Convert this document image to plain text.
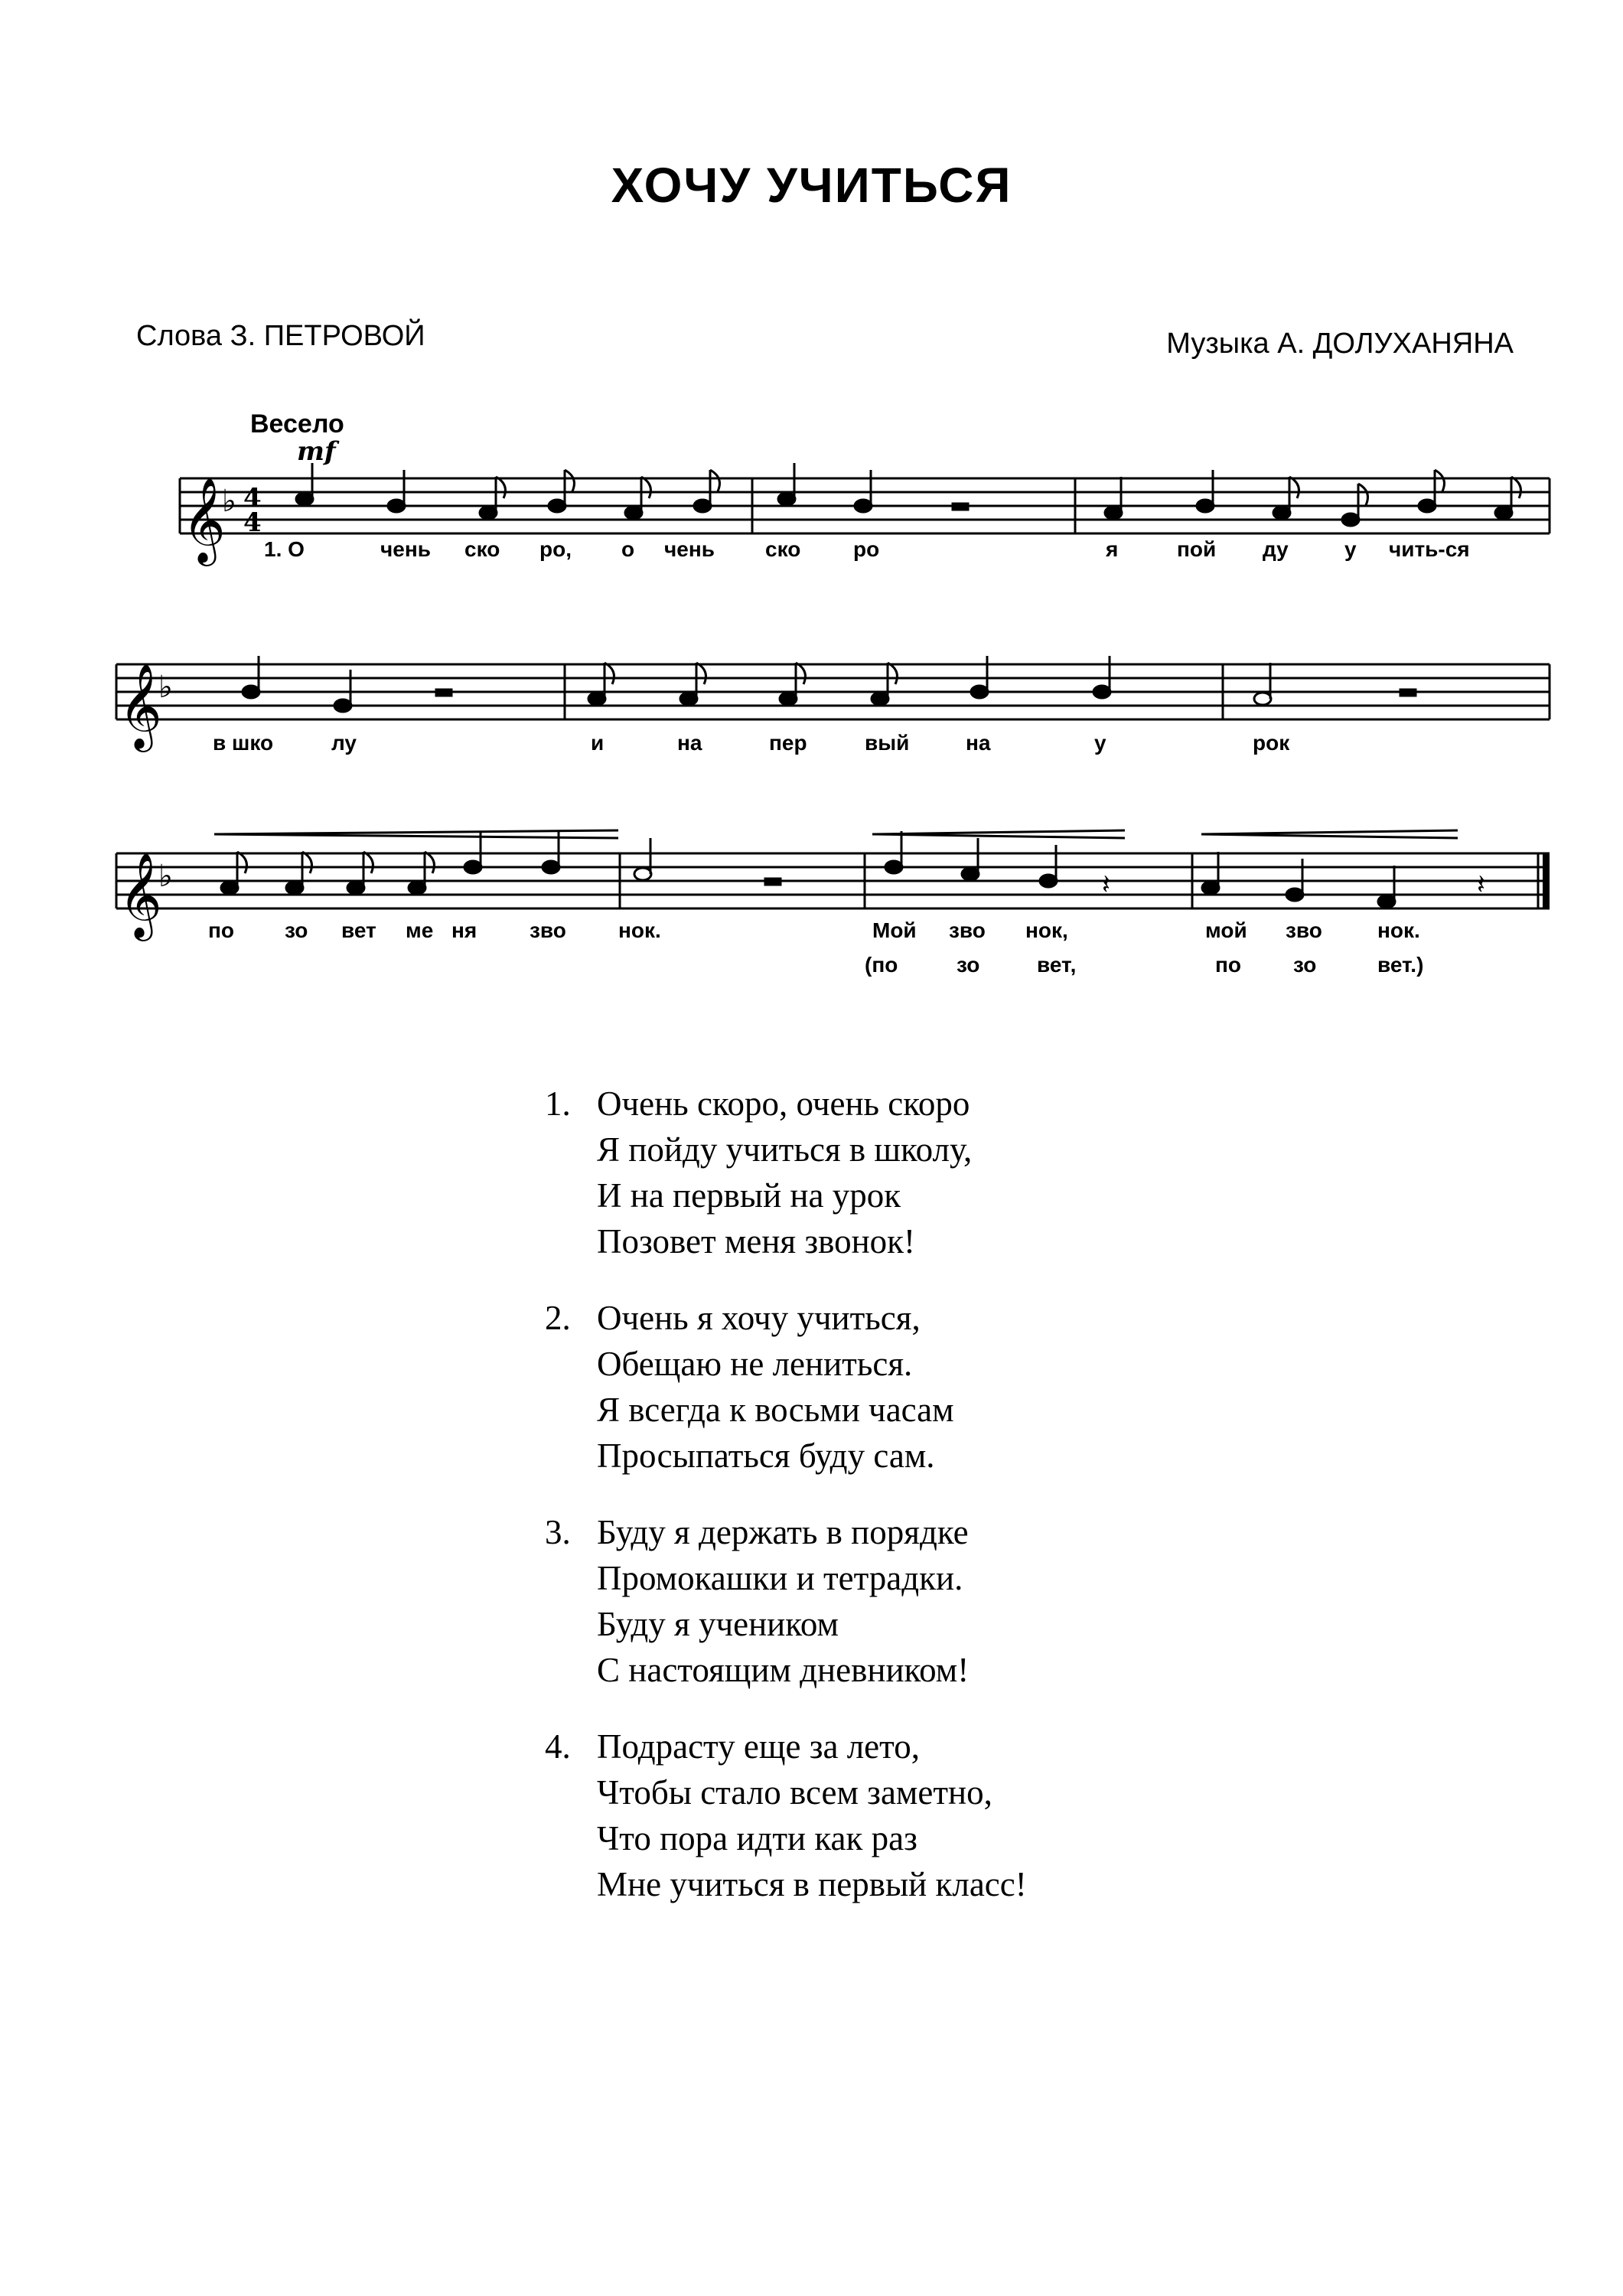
ХОЧУ УЧИТЬСЯ
Слова З. ПЕТРОВОЙ	Музыка А. ДОЛУХАНЯНА
Весело
mf
𝄞
♭ 4
4
1. О	чень ско ро, о чень ско ро	я	пой ду	у чить-ся
𝄞
♭
в шко	лу	и	на	пер	вый	на	у	рок
𝄞
♭	𝄽	𝄽
по зо вет ме ня зво нок.	Мой зво нок,	мой зво	нок.
(по	зо	вет,	по зо	вет.)
1. Очень скоро, очень скоро
Я пойду учиться в школу,
И на первый на урок
Позовет меня звонок!
2. Очень я хочу учиться,
Обещаю не лениться.
Я всегда к восьми часам
Просыпаться буду сам.
3. Буду я держать в порядке
Промокашки и тетрадки.
Буду я учеником
С настоящим дневником!
4. Подрасту еще за лето,
Чтобы стало всем заметно,
Что пора идти как раз
Мне учиться в первый класс!
